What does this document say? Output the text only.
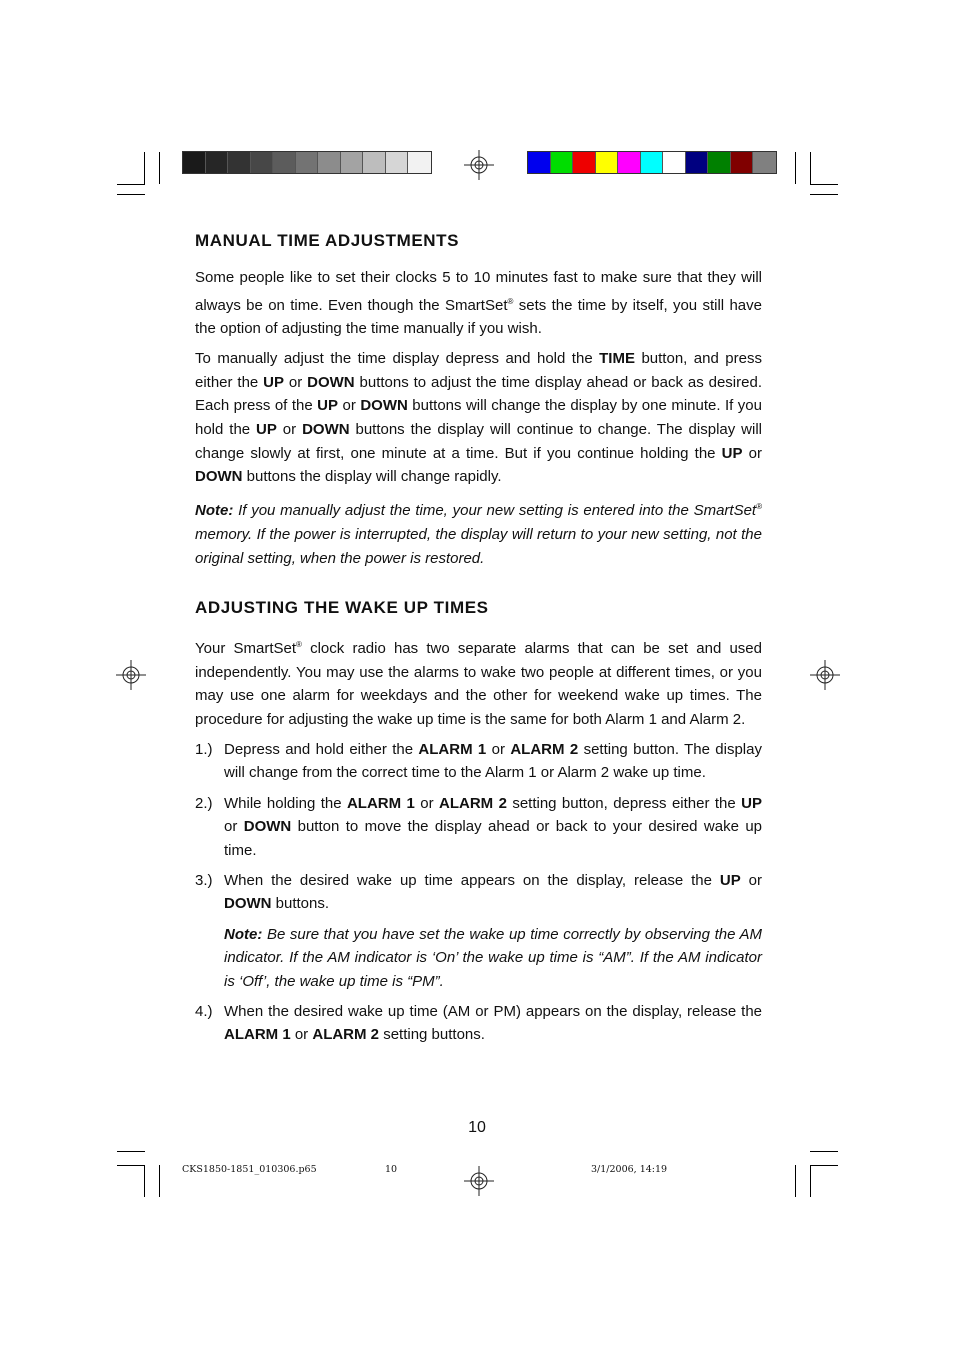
MANUAL TIME ADJUSTMENTS

Some people like to set their clocks 5 to 10 minutes fast to make sure that they will always be on time. Even though the SmartSet® sets the time by itself, you still have the option of adjusting the time manually if you wish.

To manually adjust the time display depress and hold the TIME button, and press either the UP or DOWN buttons to adjust the time display ahead or back as desired. Each press of the UP or DOWN buttons will change the display by one minute. If you hold the UP or DOWN buttons the display will continue to change. The display will change slowly at first, one minute at a time. But if you continue holding the UP or DOWN buttons the display will change rapidly.

Note: If you manually adjust the time, your new setting is entered into the SmartSet® memory. If the power is interrupted, the display will return to your new setting, not the original setting, when the power is restored.

ADJUSTING THE WAKE UP TIMES

Your SmartSet® clock radio has two separate alarms that can be set and used independently. You may use the alarms to wake two people at different times, or you may use one alarm for weekdays and the other for weekend wake up times. The procedure for adjusting the wake up time is the same for both Alarm 1 and Alarm 2.

1.) Depress and hold either the ALARM 1 or ALARM 2 setting button. The display will change from the correct time to the Alarm 1 or Alarm 2 wake up time.
2.) While holding the ALARM 1 or ALARM 2 setting button, depress either the UP or DOWN button to move the display ahead or back to your desired wake up time.
3.) When the desired wake up time appears on the display, release the UP or DOWN buttons.
Note: Be sure that you have set the wake up time correctly by observing the AM indicator. If the AM indicator is ‘On’ the wake up time is “AM”. If the AM indicator is ‘Off’, the wake up time is “PM”.
4.) When the desired wake up time (AM or PM) appears on the display, release the ALARM 1 or ALARM 2 setting buttons.
10
CKS1850-1851_010306.p65	10	3/1/2006, 14:19
